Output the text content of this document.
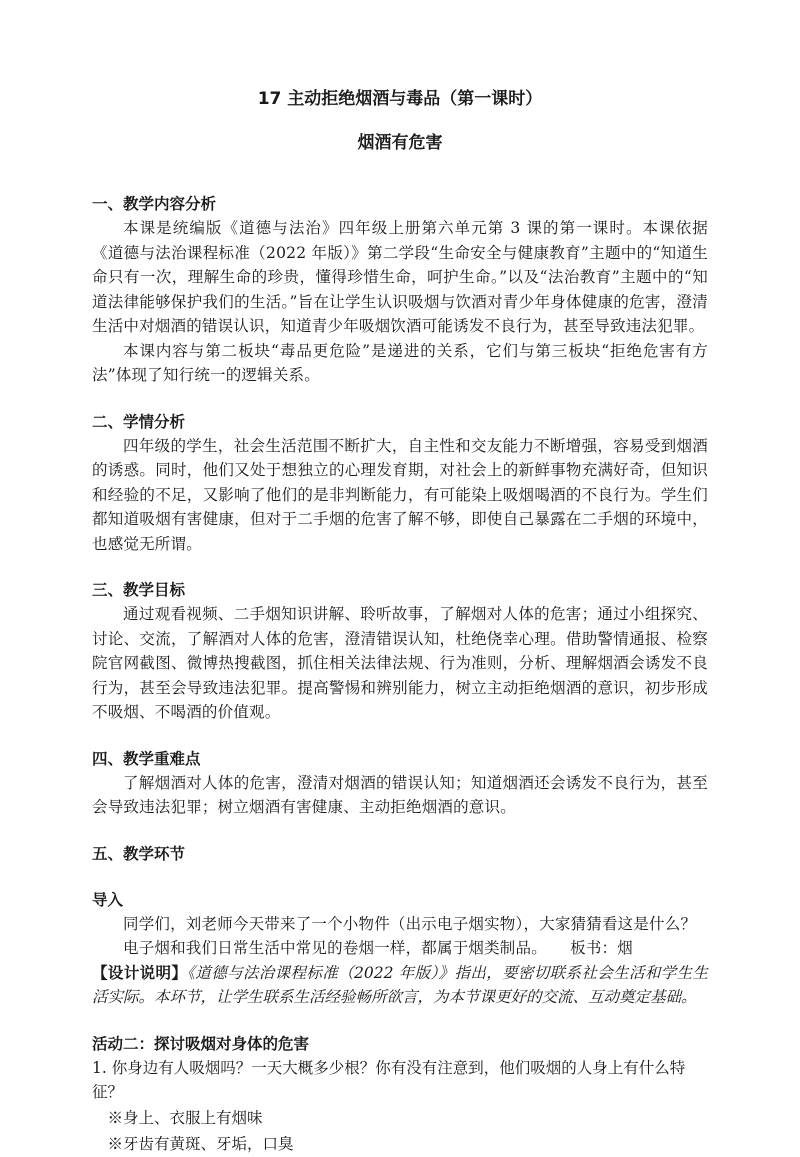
17 主动拒绝烟酒与毒品（第一课时）
烟酒有危害
一、教学内容分析

本课是统编版《道德与法治》四年级上册第六单元第 3 课的第一课时。本课依据《道德与法治课程标准（2022 年版）》第二学段“生命安全与健康教育”主题中的“知道生命只有一次，理解生命的珍贵，懂得珍惜生命，呵护生命。”以及“法治教育”主题中的“知道法律能够保护我们的生活。”旨在让学生认识吸烟与饮酒对青少年身体健康的危害，澄清生活中对烟酒的错误认识，知道青少年吸烟饮酒可能诱发不良行为，甚至导致违法犯罪。

本课内容与第二板块“毒品更危险”是递进的关系，它们与第三板块“拒绝危害有方法”体现了知行统一的逻辑关系。

二、学情分析

四年级的学生，社会生活范围不断扩大，自主性和交友能力不断增强，容易受到烟酒的诱惑。同时，他们又处于想独立的心理发育期，对社会上的新鲜事物充满好奇，但知识和经验的不足，又影响了他们的是非判断能力，有可能染上吸烟喝酒的不良行为。学生们都知道吸烟有害健康，但对于二手烟的危害了解不够，即使自己暴露在二手烟的环境中，也感觉无所谓。

三、教学目标

通过观看视频、二手烟知识讲解、聆听故事，了解烟对人体的危害；通过小组探究、讨论、交流，了解酒对人体的危害，澄清错误认知，杜绝侥幸心理。借助警情通报、检察院官网截图、微博热搜截图，抓住相关法律法规、行为准则，分析、理解烟酒会诱发不良行为，甚至会导致违法犯罪。提高警惕和辨别能力，树立主动拒绝烟酒的意识，初步形成不吸烟、不喝酒的价值观。

四、教学重难点

了解烟酒对人体的危害，澄清对烟酒的错误认知；知道烟酒还会诱发不良行为，甚至会导致违法犯罪；树立烟酒有害健康、主动拒绝烟酒的意识。

五、教学环节
导入

同学们，刘老师今天带来了一个小物件（出示电子烟实物），大家猜猜看这是什么？

电子烟和我们日常生活中常见的卷烟一样，都属于烟类制品。 板书：烟

【设计说明】《道德与法治课程标准（2022 年版）》指出，要密切联系社会生活和学生生活实际。本环节，让学生联系生活经验畅所欲言，为本节课更好的交流、互动奠定基础。

活动二：探讨吸烟对身体的危害

1. 你身边有人吸烟吗？一天大概多少根？你有没有注意到，他们吸烟的人身上有什么特征？

※身上、衣服上有烟味

※牙齿有黄斑、牙垢，口臭
